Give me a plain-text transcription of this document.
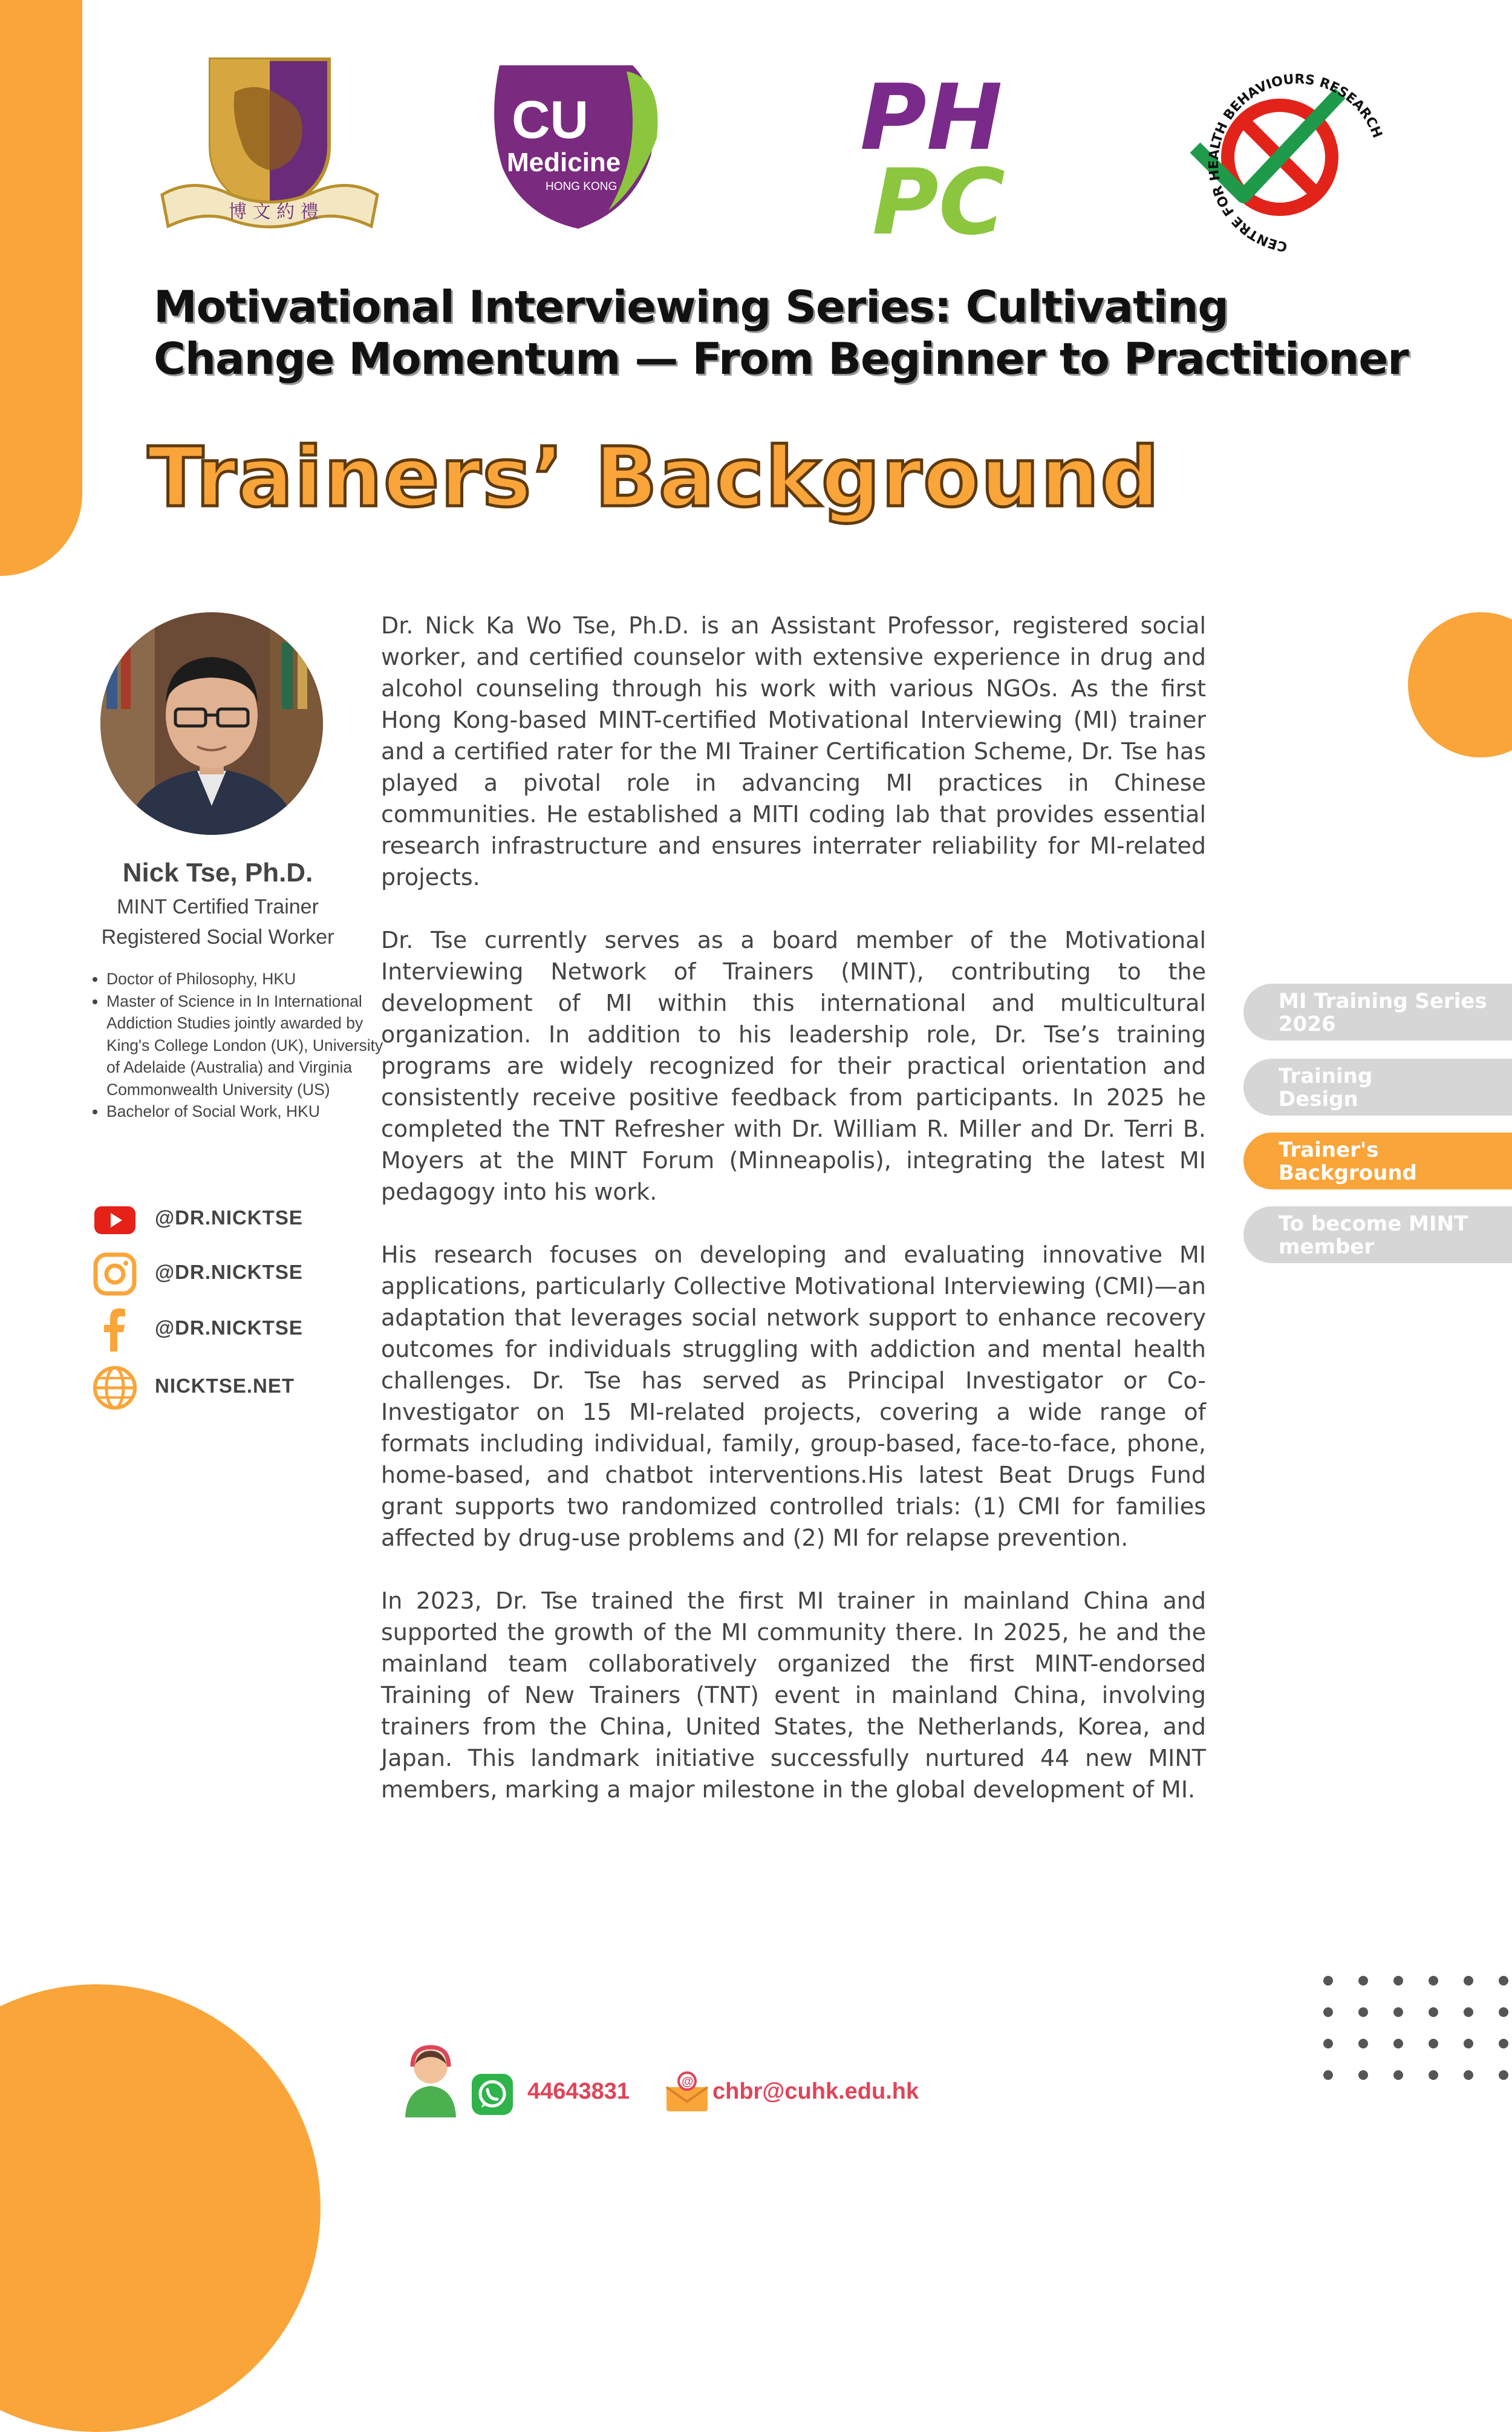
博 文 約 禮
CU
Medicine
HONG KONG
PH
PC	CENTRE FOR HEALTH BEHAVIOURS RESEARCH
Motivational Interviewing Series: Cultivating
Change Momentum — From Beginner to Practitioner
Trainers’ Background
Nick Tse, Ph.D.
MINT Certified Trainer
Registered Social Worker
• Doctor of Philosophy, HKU
• Master of Science in In International Addiction Studies jointly awarded by King's College London (UK), University of Adelaide (Australia) and Virginia Commonwealth University (US)
• Bachelor of Social Work, HKU
@DR.NICKTSE
@DR.NICKTSE
@DR.NICKTSE
NICKTSE.NET

Dr. Nick Ka Wo Tse, Ph.D. is an Assistant Professor, registered social worker, and certified counselor with extensive experience in drug and alcohol counseling through his work with various NGOs. As the first Hong Kong-based MINT-certified Motivational Interviewing (MI) trainer and a certified rater for the MI Trainer Certification Scheme, Dr. Tse has played a pivotal role in advancing MI practices in Chinese communities. He established a MITI coding lab that provides essential research infrastructure and ensures interrater reliability for MI-related projects.

Dr. Tse currently serves as a board member of the Motivational Interviewing Network of Trainers (MINT), contributing to the development of MI within this international and multicultural organization. In addition to his leadership role, Dr. Tse’s training programs are widely recognized for their practical orientation and consistently receive positive feedback from participants. In 2025 he completed the TNT Refresher with Dr. William R. Miller and Dr. Terri B. Moyers at the MINT Forum (Minneapolis), integrating the latest MI pedagogy into his work.

His research focuses on developing and evaluating innovative MI applications, particularly Collective Motivational Interviewing (CMI)—an adaptation that leverages social network support to enhance recovery outcomes for individuals struggling with addiction and mental health challenges. Dr. Tse has served as Principal Investigator or Co-Investigator on 15 MI-related projects, covering a wide range of formats including individual, family, group-based, face-to-face, phone, home-based, and chatbot interventions.His latest Beat Drugs Fund grant supports two randomized controlled trials: (1) CMI for families affected by drug-use problems and (2) MI for relapse prevention.

In 2023, Dr. Tse trained the first MI trainer in mainland China and supported the growth of the MI community there. In 2025, he and the mainland team collaboratively organized the first MINT-endorsed Training of New Trainers (TNT) event in mainland China, involving trainers from the China, United States, the Netherlands, Korea, and Japan. This landmark initiative successfully nurtured 44 new MINT members, marking a major milestone in the global development of MI.

MI Training Series
2026
Training
Design
Trainer's
Background
To become MINT
member
44643831	@ chbr@cuhk.edu.hk
